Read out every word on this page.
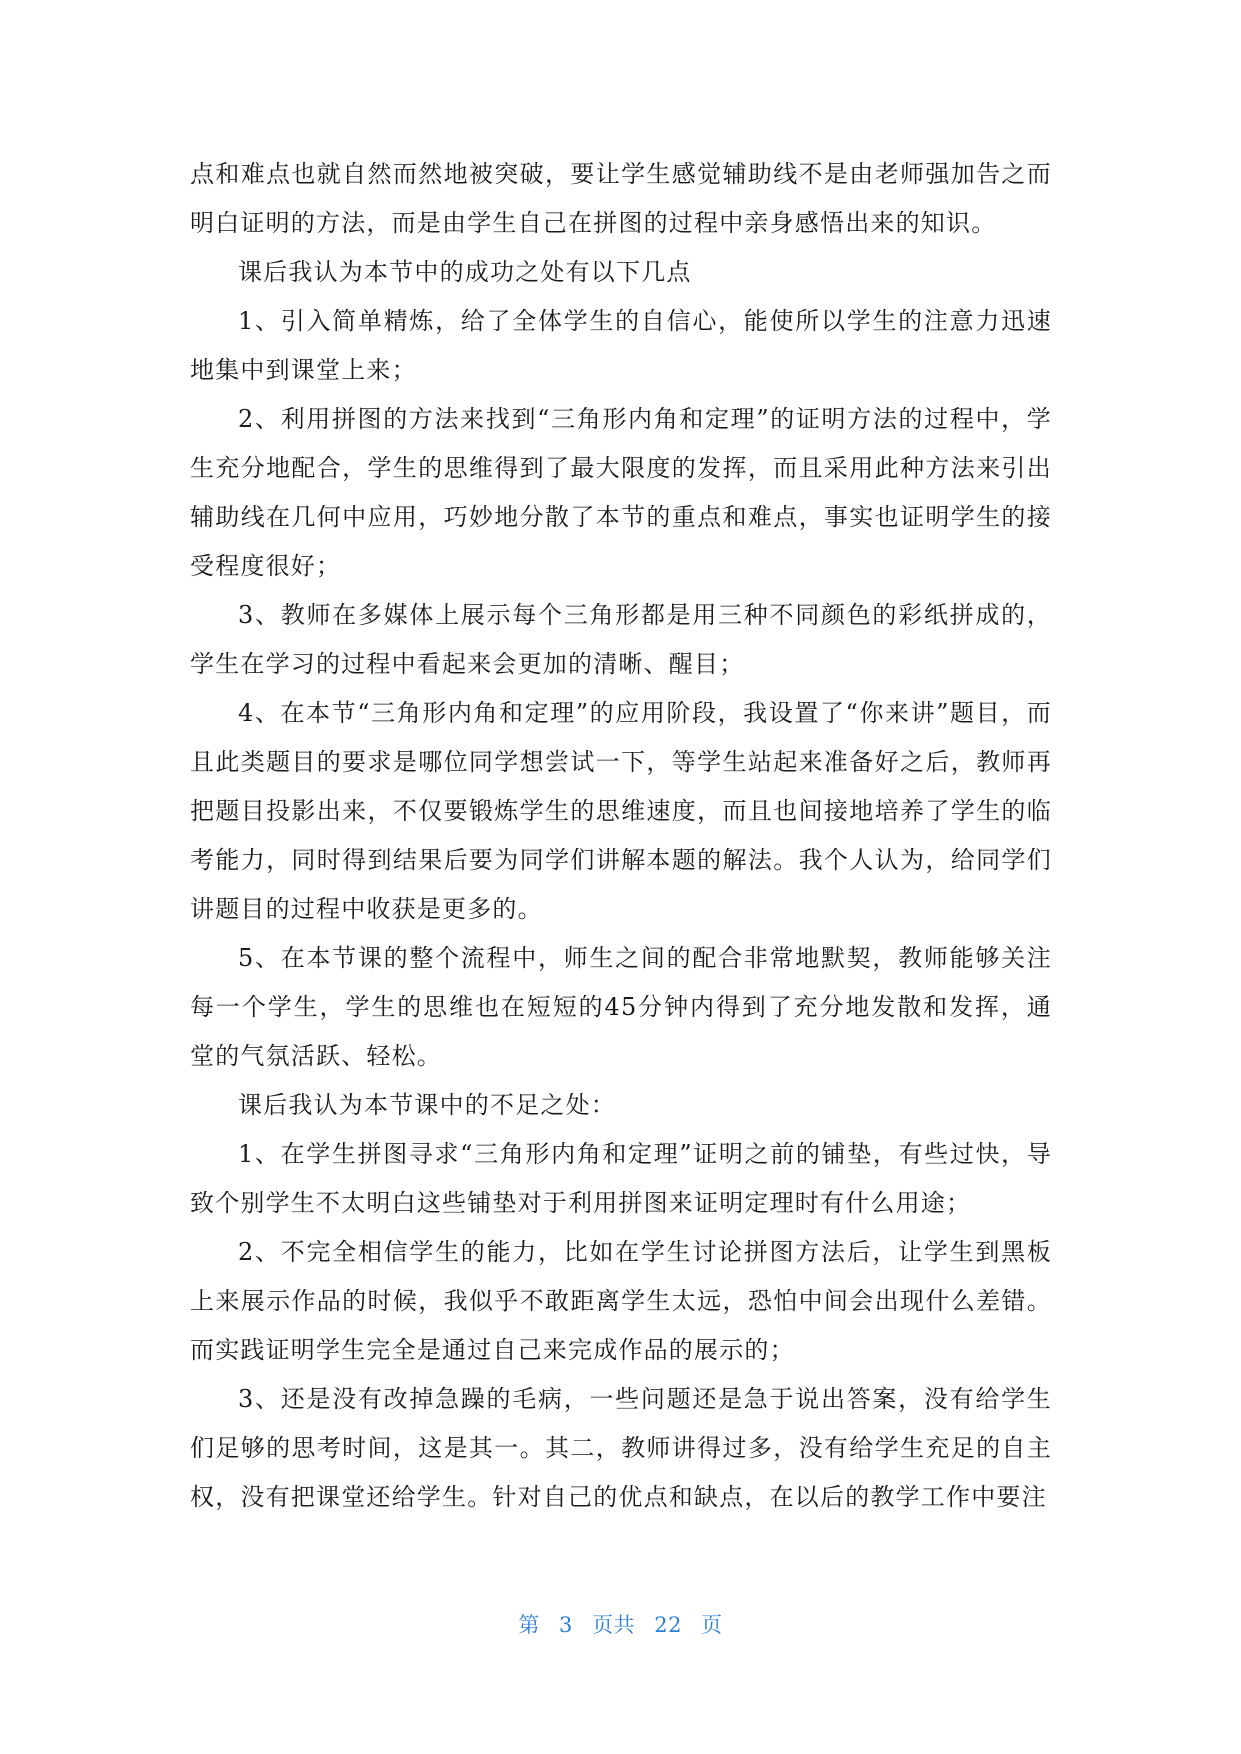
点和难点也就自然而然地被突破，要让学生感觉辅助线不是由老师强加告之而明白证明的方法，而是由学生自己在拼图的过程中亲身感悟出来的知识。

课后我认为本节中的成功之处有以下几点

1、引入简单精炼，给了全体学生的自信心，能使所以学生的注意力迅速地集中到课堂上来；

2、利用拼图的方法来找到“三角形内角和定理”的证明方法的过程中，学生充分地配合，学生的思维得到了最大限度的发挥，而且采用此种方法来引出辅助线在几何中应用，巧妙地分散了本节的重点和难点，事实也证明学生的接受程度很好；

3、教师在多媒体上展示每个三角形都是用三种不同颜色的彩纸拼成的，学生在学习的过程中看起来会更加的清晰、醒目；

4、在本节“三角形内角和定理”的应用阶段，我设置了“你来讲”题目，而且此类题目的要求是哪位同学想尝试一下，等学生站起来准备好之后，教师再把题目投影出来，不仅要锻炼学生的思维速度，而且也间接地培养了学生的临考能力，同时得到结果后要为同学们讲解本题的解法。我个人认为，给同学们讲题目的过程中收获是更多的。

5、在本节课的整个流程中，师生之间的配合非常地默契，教师能够关注每一个学生，学生的思维也在短短的45分钟内得到了充分地发散和发挥，通堂的气氛活跃、轻松。

课后我认为本节课中的不足之处：

1、在学生拼图寻求“三角形内角和定理”证明之前的铺垫，有些过快，导致个别学生不太明白这些铺垫对于利用拼图来证明定理时有什么用途；

2、不完全相信学生的能力，比如在学生讨论拼图方法后，让学生到黑板上来展示作品的时候，我似乎不敢距离学生太远，恐怕中间会出现什么差错。而实践证明学生完全是通过自己来完成作品的展示的；

3、还是没有改掉急躁的毛病，一些问题还是急于说出答案，没有给学生们足够的思考时间，这是其一。其二，教师讲得过多，没有给学生充足的自主权，没有把课堂还给学生。针对自己的优点和缺点，在以后的教学工作中要注

第 3 页共 22 页
